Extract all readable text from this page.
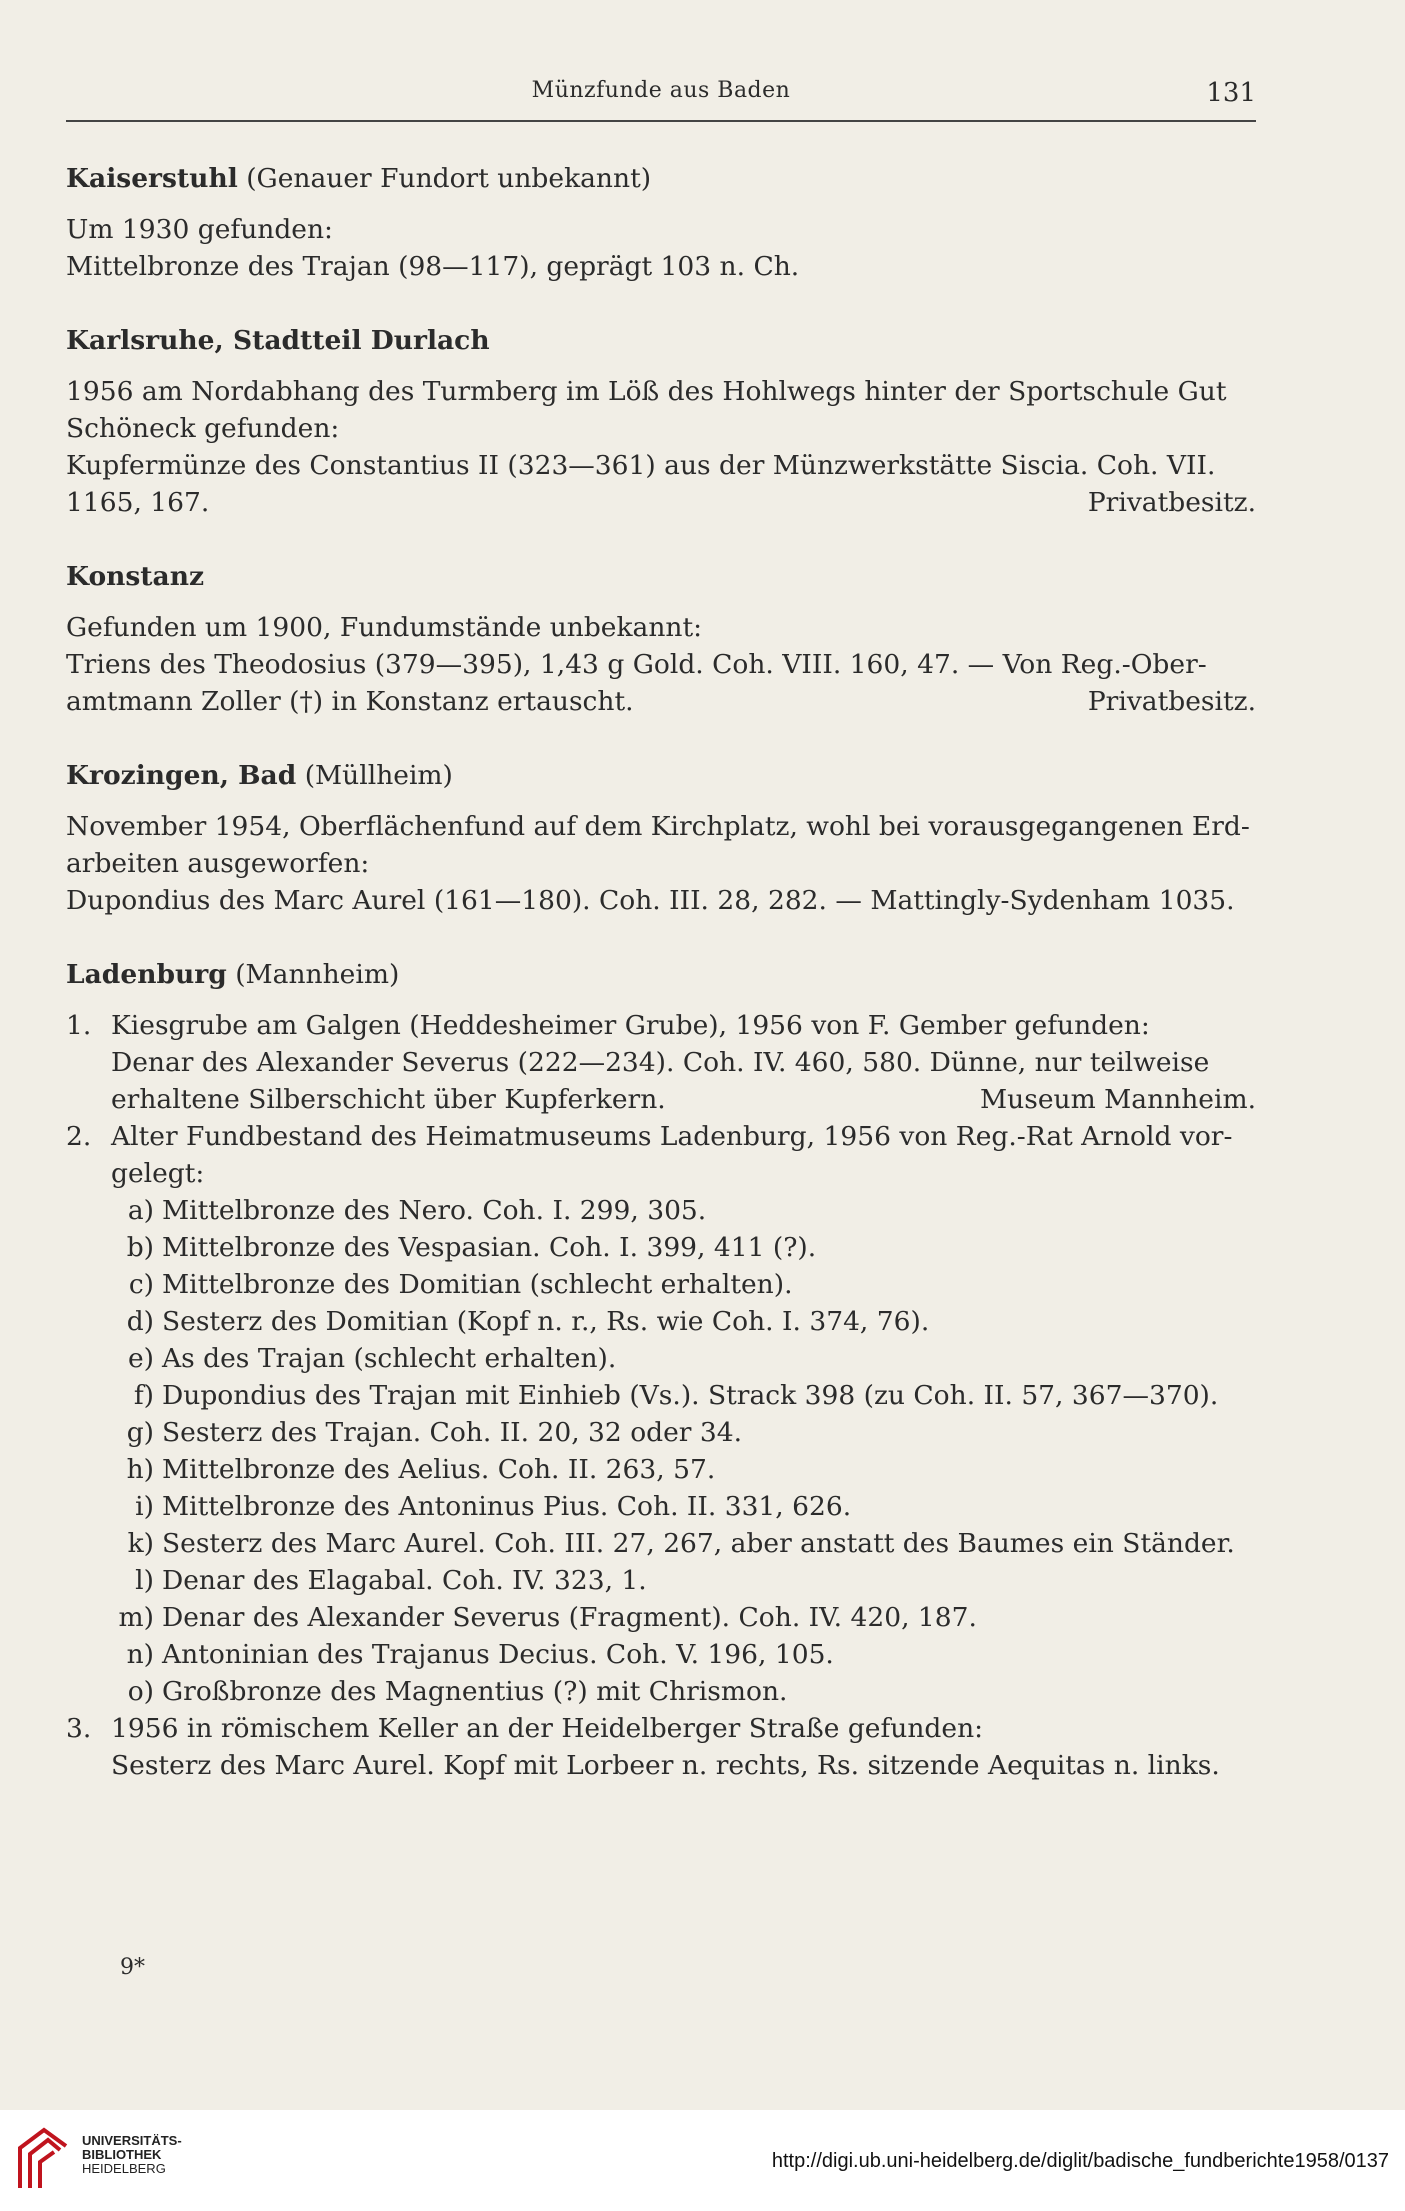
Münzfunde aus Baden	131
Kaiserstuhl (Genauer Fundort unbekannt)
Um 1930 gefunden:
Mittelbronze des Trajan (98—117), geprägt 103 n. Ch.
Karlsruhe, Stadtteil Durlach
1956 am Nordabhang des Turmberg im Löß des Hohlwegs hinter der Sportschule Gut
Schöneck gefunden:
Kupfermünze des Constantius II (323—361) aus der Münzwerkstätte Siscia. Coh. VII.
1165, 167.	Privatbesitz.
Konstanz
Gefunden um 1900, Fundumstände unbekannt:
Triens des Theodosius (379—395), 1,43 g Gold. Coh. VIII. 160, 47. — Von Reg.-Ober-
amtmann Zoller (†) in Konstanz ertauscht.	Privatbesitz.
Krozingen, Bad (Müllheim)
November 1954, Oberflächenfund auf dem Kirchplatz, wohl bei vorausgegangenen Erd-
arbeiten ausgeworfen:
Dupondius des Marc Aurel (161—180). Coh. III. 28, 282. — Mattingly-Sydenham 1035.
Ladenburg (Mannheim)
1. Kiesgrube am Galgen (Heddesheimer Grube), 1956 von F. Gember gefunden:
Denar des Alexander Severus (222—234). Coh. IV. 460, 580. Dünne, nur teilweise
erhaltene Silberschicht über Kupferkern.	Museum Mannheim.
2. Alter Fundbestand des Heimatmuseums Ladenburg, 1956 von Reg.-Rat Arnold vor-
gelegt:
a) Mittelbronze des Nero. Coh. I. 299, 305.
b) Mittelbronze des Vespasian. Coh. I. 399, 411 (?).
c) Mittelbronze des Domitian (schlecht erhalten).
d) Sesterz des Domitian (Kopf n. r., Rs. wie Coh. I. 374, 76).
e) As des Trajan (schlecht erhalten).
f) Dupondius des Trajan mit Einhieb (Vs.). Strack 398 (zu Coh. II. 57, 367—370).
g) Sesterz des Trajan. Coh. II. 20, 32 oder 34.
h) Mittelbronze des Aelius. Coh. II. 263, 57.
i) Mittelbronze des Antoninus Pius. Coh. II. 331, 626.
k) Sesterz des Marc Aurel. Coh. III. 27, 267, aber anstatt des Baumes ein Ständer.
l) Denar des Elagabal. Coh. IV. 323, 1.
m) Denar des Alexander Severus (Fragment). Coh. IV. 420, 187.
n) Antoninian des Trajanus Decius. Coh. V. 196, 105.
o) Großbronze des Magnentius (?) mit Chrismon.
3. 1956 in römischem Keller an der Heidelberger Straße gefunden:
Sesterz des Marc Aurel. Kopf mit Lorbeer n. rechts, Rs. sitzende Aequitas n. links.
9*
UNIVERSITÄTS-
BIBLIOTHEK
HEIDELBERG	http://digi.ub.uni-heidelberg.de/diglit/badische_fundberichte1958/0137
